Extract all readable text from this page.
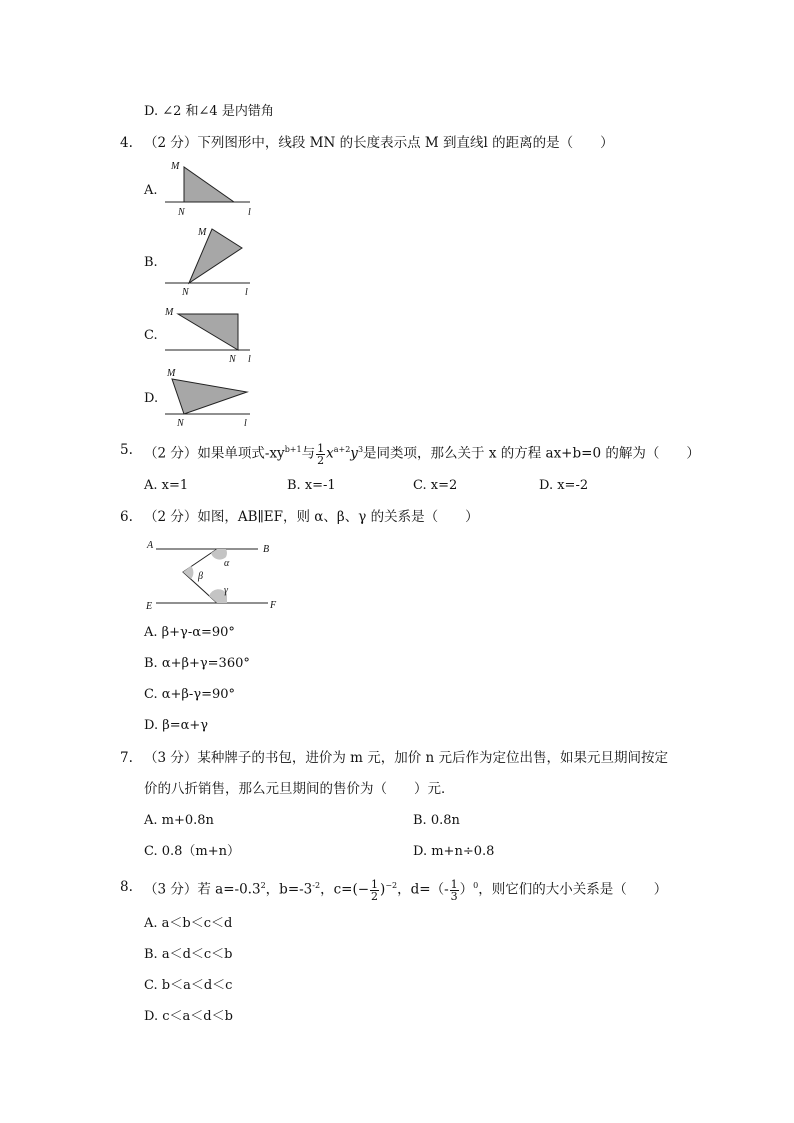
D. ∠2 和∠4 是内错角
4. （2 分）下列图形中，线段 MN 的长度表示点 M 到直线l 的距离的是（　　）
A.
M
N	l
B.
M
N	l
C.
M
N l
D.
M
N	l
5. （2 分）如果单项式$-xy^{b+1}$与 $\frac{1}{2} x^{a+2}y^3$是同类项，那么关于 x 的方程 ax+b=0 的解为（　　）
A. x=1	B. x=-1	C. x=2	D. x=-2
6. （2 分）如图，AB∥EF，则 α、β、γ 的关系是（　　）
A	B
E	F
α
β
γ
A. β+γ-α=90°
B. α+β+γ=360°
C. α+β-γ=90°
D. β=α+γ
7. （3 分）某种牌子的书包，进价为 m 元，加价 n 元后作为定位出售，如果元旦期间按定
价的八折销售，那么元旦期间的售价为（　　）元．
A. m+0.8n	B. 0.8n
C. 0.8（m+n）	D. m+n÷0.8
8. （3 分）若 $a=-0.3^2$，$b=-3^{-2}$，$c=(- \frac{1}{2} )^{-2}$，$d=(- \frac{1}{3} )^0$，则它们的大小关系是（　　）
A. a＜b＜c＜d
B. a＜d＜c＜b
C. b＜a＜d＜c
D. c＜a＜d＜b
